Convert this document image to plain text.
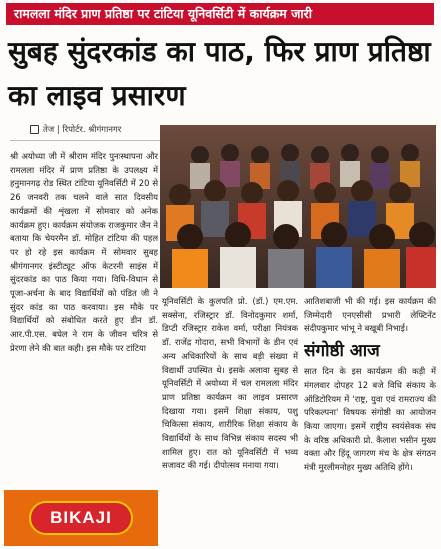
रामलला मंदिर प्राण प्रतिष्ठा पर टांटिया यूनिवर्सिटी में कार्यक्रम जारी
सुबह सुंदरकांड का पाठ, फिर प्राण प्रतिष्ठा का लाइव प्रसारण
तेज | रिपोर्टर. श्रीगंगानगर
श्री अयोध्या जी में श्रीराम मंदिर पुनःस्थापना और रामलला मंदिर में प्राण प्रतिष्ठा के उपलक्ष्य में हनुमानगढ़ रोड स्थित टांटिया यूनिवर्सिटी में 20 से 26 जनवरी तक चलने वाले सात दिवसीय कार्यक्रमों की शृंखला में सोमवार को अनेक कार्यक्रम हुए। कार्यक्रम संयोजक राजकुमार जैन ने बताया कि चेयरमैन डॉ. मोहित टांटिया की पहल पर हो रहे इस कार्यक्रम में सोमवार सुबह श्रीगंगानगर इंस्टीट्यूट ऑफ केटरनी साइंस में सुंदरकांड का पाठ किया गया। विधि-विधान से पूजा-अर्चना के बाद विद्यार्थियों को पंडित जी ने सुंदर कांड का पाठ करवाया। इस मौके पर विद्यार्थियों को संबोधित करते हुए डीन डॉ. आर.पी.एस. बघेल ने राम के जीवन चरित्र से प्रेरणा लेने की बात कही। इस मौके पर टांटिया
यूनिवर्सिटी के कुलपति प्रो. (डॉ.) एम.एम. सक्सेना, रजिस्ट्रार डॉ. विनोदकुमार शर्मा, डिप्टी रजिस्ट्रार राकेश वर्मा, परीक्षा नियंत्रक डॉ. राजेंद्र गोदारा, सभी विभागों के डीन एवं अन्य अधिकारियों के साथ बड़ी संख्या में विद्यार्थी उपस्थित थे। इसके अलावा सुबह से यूनिवर्सिटी में अयोध्या में चल रामलला मंदिर प्राण प्रतिष्ठा कार्यक्रम का लाइव प्रसारण दिखाया गया। इसमें शिक्षा संकाय, पशु चिकित्सा संकाय, शारीरिक शिक्षा संकाय के विद्यार्थियों के साथ विभिन्न संकाय सदस्य भी शामिल हुए। रात को यूनिवर्सिटी में भव्य सजावट की गई। दीपोत्सव मनाया गया।
आतिशबाजी भी की गई। इस कार्यक्रम की जिम्मेदारी एनएसीसी प्रभारी लेफ्टिनेंट संदीपकुमार भांभू ने बखूबी निभाई।
संगोष्ठी आज
सात दिन के इस कार्यक्रम की कड़ी में मंगलवार दोपहर 12 बजे विधि संकाय के ऑडिटोरियम में 'राष्ट्र, युवा एवं रामराज्य की परिकल्पना' विषयक संगोष्ठी का आयोजन किया जाएगा। इसमें राष्ट्रीय स्वयंसेवक संघ के वरिष्ठ अधिकारी प्रो. कैलाश भसीन मुख्य वक्ता और हिंदू जागरण मंच के क्षेत्र संगठन मंत्री मुरलीमनोहर मुख्य अतिथि होंगे।
BIKAJI
